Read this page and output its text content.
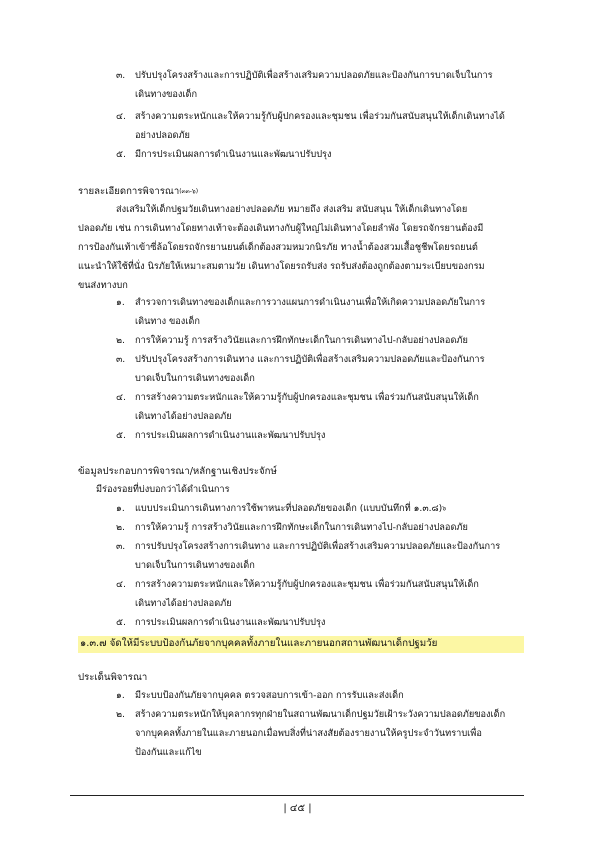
๓. ปรับปรุงโครงสร้างและการปฏิบัติเพื่อสร้างเสริมความปลอดภัยและป้องกันการบาดเจ็บในการ
เดินทางของเด็ก
๔. สร้างความตระหนักและให้ความรู้กับผู้ปกครองและชุมชน เพื่อร่วมกันสนับสนุนให้เด็กเดินทางได้
อย่างปลอดภัย
๕. มีการประเมินผลการดำเนินงานและพัฒนาปรับปรุง
รายละเอียดการพิจารณา$^{(๓๓-๖)}$
ส่งเสริมให้เด็กปฐมวัยเดินทางอย่างปลอดภัย หมายถึง ส่งเสริม สนับสนุน ให้เด็กเดินทางโดย
ปลอดภัย เช่น การเดินทางโดยทางเท้าจะต้องเดินทางกับผู้ใหญ่ไม่เดินทางโดยลำพัง โดยรถจักรยานต้องมี
การป้องกันเท้าเข้าซี่ล้อโดยรถจักรยานยนต์เด็กต้องสวมหมวกนิรภัย ทางน้ำต้องสวมเสื้อชูชีพโดยรถยนต์
แนะนำให้ใช้ที่นั่ง นิรภัยให้เหมาะสมตามวัย เดินทางโดยรถรับส่ง รถรับส่งต้องถูกต้องตามระเบียบของกรม
ขนส่งทางบก
๑. สำรวจการเดินทางของเด็กและการวางแผนการดำเนินงานเพื่อให้เกิดความปลอดภัยในการ
เดินทาง ของเด็ก
๒. การให้ความรู้ การสร้างวินัยและการฝึกทักษะเด็กในการเดินทางไป-กลับอย่างปลอดภัย
๓. ปรับปรุงโครงสร้างการเดินทาง และการปฏิบัติเพื่อสร้างเสริมความปลอดภัยและป้องกันการ
บาดเจ็บในการเดินทางของเด็ก
๔. การสร้างความตระหนักและให้ความรู้กับผู้ปกครองและชุมชน เพื่อร่วมกันสนับสนุนให้เด็ก
เดินทางได้อย่างปลอดภัย
๕. การประเมินผลการดำเนินงานและพัฒนาปรับปรุง
ข้อมูลประกอบการพิจารณา/หลักฐานเชิงประจักษ์
มีร่องรอยที่บ่งบอกว่าได้ดำเนินการ
๑. แบบประเมินการเดินทางการใช้พาหนะที่ปลอดภัยของเด็ก (แบบบันทึกที่ ๑.๓.๘)$^๖$
๒. การให้ความรู้ การสร้างวินัยและการฝึกทักษะเด็กในการเดินทางไป-กลับอย่างปลอดภัย
๓. การปรับปรุงโครงสร้างการเดินทาง และการปฏิบัติเพื่อสร้างเสริมความปลอดภัยและป้องกันการ
บาดเจ็บในการเดินทางของเด็ก
๔. การสร้างความตระหนักและให้ความรู้กับผู้ปกครองและชุมชน เพื่อร่วมกันสนับสนุนให้เด็ก
เดินทางได้อย่างปลอดภัย
๕. การประเมินผลการดำเนินงานและพัฒนาปรับปรุง
๑.๓.๗ จัดให้มีระบบป้องกันภัยจากบุคคลทั้งภายในและภายนอกสถานพัฒนาเด็กปฐมวัย
ประเด็นพิจารณา
๑. มีระบบป้องกันภัยจากบุคคล ตรวจสอบการเข้า-ออก การรับและส่งเด็ก
๒. สร้างความตระหนักให้บุคลากรทุกฝ่ายในสถานพัฒนาเด็กปฐมวัยเฝ้าระวังความปลอดภัยของเด็ก
จากบุคคลทั้งภายในและภายนอกเมื่อพบสิ่งที่น่าสงสัยต้องรายงานให้ครูประจำวันทราบเพื่อ
ป้องกันและแก้ไข
| ๔๕ |
